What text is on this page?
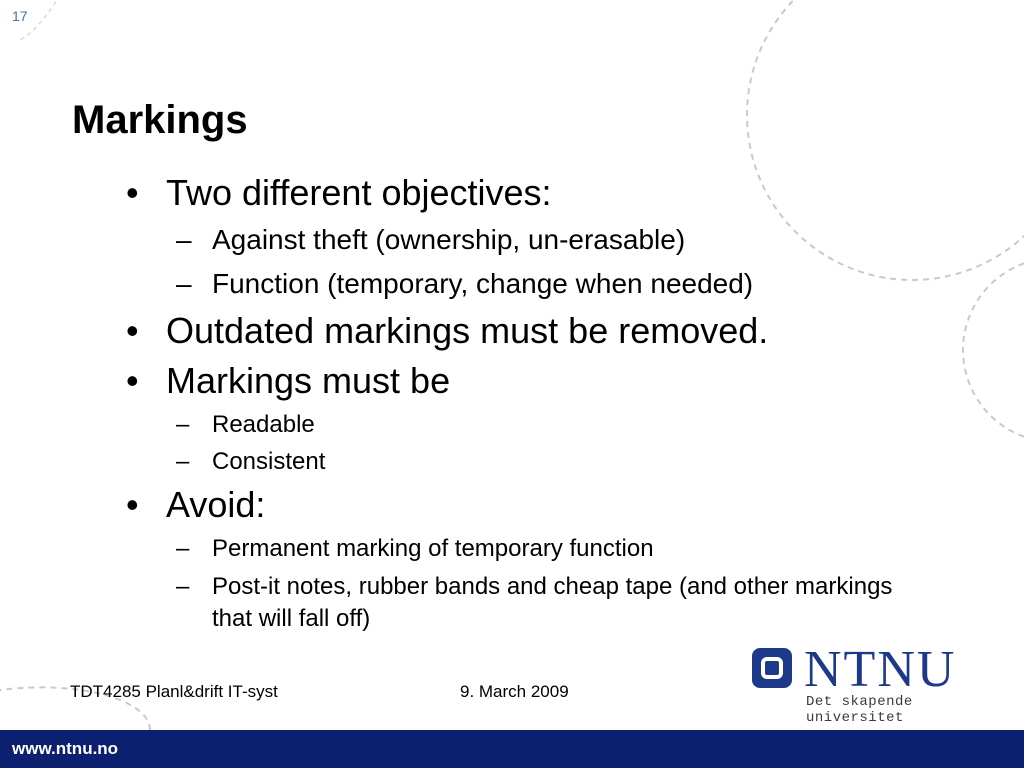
17
Markings
• Two different objectives:
– Against theft (ownership, un-erasable)
– Function (temporary, change when needed)
• Outdated markings must be removed.
• Markings must be
– Readable
– Consistent
• Avoid:
– Permanent marking of temporary function
– Post-it notes, rubber bands and cheap tape (and other markings that will fall off)
TDT4285 Planl&drift IT-syst	9. March 2009	NTNU
Det skapende universitet
www.ntnu.no
